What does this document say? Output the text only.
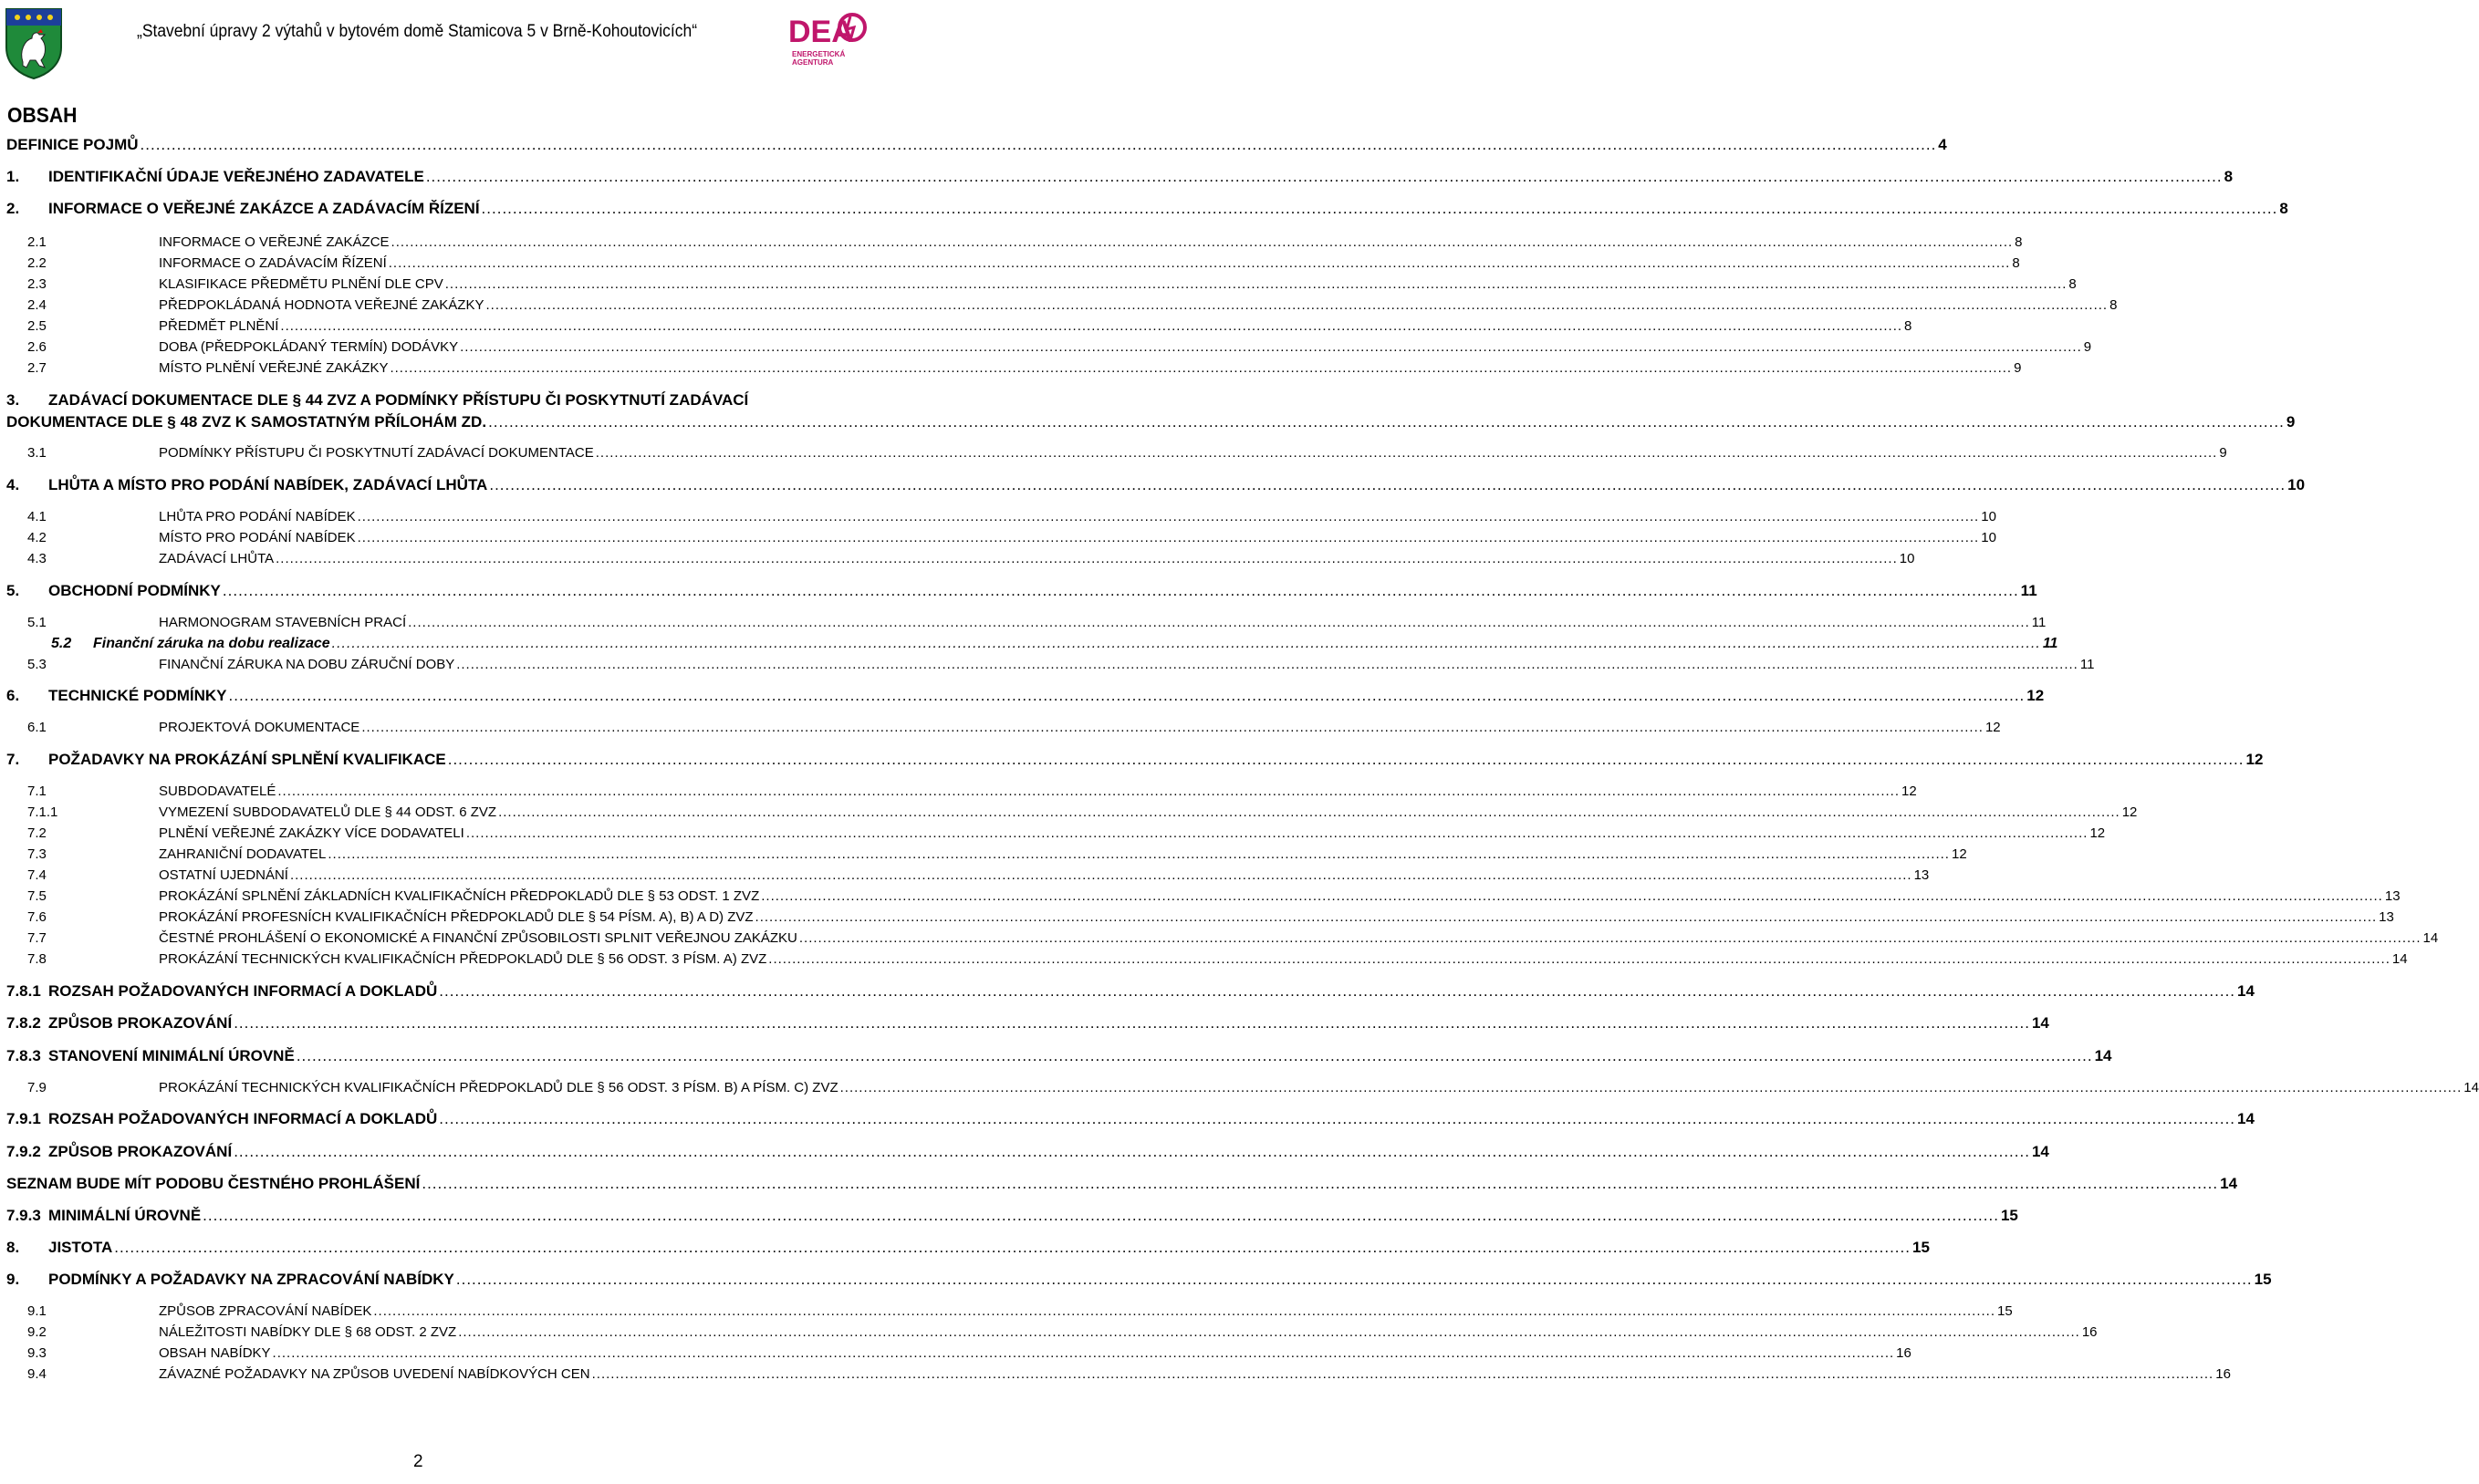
„Stavební úpravy 2 výtahů v bytovém domě Stamicova 5 v Brně-Kohoutovicích“	DEA
ENERGETICKÁ
AGENTURA
OBSAH
DEFINICE POJMŮ .....	4
1.	IDENTIFIKAČNÍ ÚDAJE VEŘEJNÉHO ZADAVATELE .....	8
2.	INFORMACE O VEŘEJNÉ ZAKÁZCE A ZADÁVACÍM ŘÍZENÍ .....	8
2.1	INFORMACE O VEŘEJNÉ ZAKÁZCE .....	8
2.2	INFORMACE O ZADÁVACÍM ŘÍZENÍ .....	8
2.3	KLASIFIKACE PŘEDMĚTU PLNĚNÍ DLE CPV .....	8
2.4	PŘEDPOKLÁDANÁ HODNOTA VEŘEJNÉ ZAKÁZKY .....	8
2.5	PŘEDMĚT PLNĚNÍ .....	8
2.6	DOBA (PŘEDPOKLÁDANÝ TERMÍN) DODÁVKY .....	9
2.7	MÍSTO PLNĚNÍ VEŘEJNÉ ZAKÁZKY .....	9
3. ZADÁVACÍ DOKUMENTACE DLE § 44 ZVZ A PODMÍNKY PŘÍSTUPU ČI POSKYTNUTÍ ZADÁVACÍ
DOKUMENTACE DLE § 48 ZVZ K SAMOSTATNÝM PŘÍLOHÁM ZD. .....	9
3.1	PODMÍNKY PŘÍSTUPU ČI POSKYTNUTÍ ZADÁVACÍ DOKUMENTACE .....	9
4.	LHŮTA A MÍSTO PRO PODÁNÍ NABÍDEK, ZADÁVACÍ LHŮTA .....	10
4.1	LHŮTA PRO PODÁNÍ NABÍDEK .....	10
4.2	MÍSTO PRO PODÁNÍ NABÍDEK .....	10
4.3	ZADÁVACÍ LHŮTA .....	10
5.	OBCHODNÍ PODMÍNKY .....	11
5.1	HARMONOGRAM STAVEBNÍCH PRACÍ .....	11
5.2	Finanční záruka na dobu realizace .....	11
5.3	FINANČNÍ ZÁRUKA NA DOBU ZÁRUČNÍ DOBY .....	11
6.	TECHNICKÉ PODMÍNKY .....	12
6.1	PROJEKTOVÁ DOKUMENTACE .....	12
7.	POŽADAVKY NA PROKÁZÁNÍ SPLNĚNÍ KVALIFIKACE .....	12
7.1	SUBDODAVATELÉ .....	12
7.1.1	VYMEZENÍ SUBDODAVATELŮ DLE § 44 ODST. 6 ZVZ .....	12
7.2	PLNĚNÍ VEŘEJNÉ ZAKÁZKY VÍCE DODAVATELI .....	12
7.3	ZAHRANIČNÍ DODAVATEL .....	12
7.4	OSTATNÍ UJEDNÁNÍ .....	13
7.5	PROKÁZÁNÍ SPLNĚNÍ ZÁKLADNÍCH KVALIFIKAČNÍCH PŘEDPOKLADŮ DLE § 53 ODST. 1 ZVZ .....	13
7.6	PROKÁZÁNÍ PROFESNÍCH KVALIFIKAČNÍCH PŘEDPOKLADŮ DLE § 54 PÍSM. A), B) A D) ZVZ .....	13
7.7	ČESTNÉ PROHLÁŠENÍ O EKONOMICKÉ A FINANČNÍ ZPŮSOBILOSTI SPLNIT VEŘEJNOU ZAKÁZKU .....	14
7.8	PROKÁZÁNÍ TECHNICKÝCH KVALIFIKAČNÍCH PŘEDPOKLADŮ DLE § 56 ODST. 3 PÍSM. A) ZVZ .....	14
7.8.1 ROZSAH POŽADOVANÝCH INFORMACÍ A DOKLADŮ .....	14
7.8.2 ZPŮSOB PROKAZOVÁNÍ .....	14
7.8.3 STANOVENÍ MINIMÁLNÍ ÚROVNĚ .....	14
7.9	PROKÁZÁNÍ TECHNICKÝCH KVALIFIKAČNÍCH PŘEDPOKLADŮ DLE § 56 ODST. 3 PÍSM. B) A PÍSM. C) ZVZ .....	14
7.9.1 ROZSAH POŽADOVANÝCH INFORMACÍ A DOKLADŮ .....	14
7.9.2 ZPŮSOB PROKAZOVÁNÍ .....	14
SEZNAM BUDE MÍT PODOBU ČESTNÉHO PROHLÁŠENÍ .....	14
7.9.3 MINIMÁLNÍ ÚROVNĚ .....	15
8.	JISTOTA .....	15
9.	PODMÍNKY A POŽADAVKY NA ZPRACOVÁNÍ NABÍDKY .....	15
9.1	ZPŮSOB ZPRACOVÁNÍ NABÍDEK .....	15
9.2	NÁLEŽITOSTI NABÍDKY DLE § 68 ODST. 2 ZVZ .....	16
9.3	OBSAH NABÍDKY .....	16
9.4	ZÁVAZNÉ POŽADAVKY NA ZPŮSOB UVEDENÍ NABÍDKOVÝCH CEN .....	16
2
